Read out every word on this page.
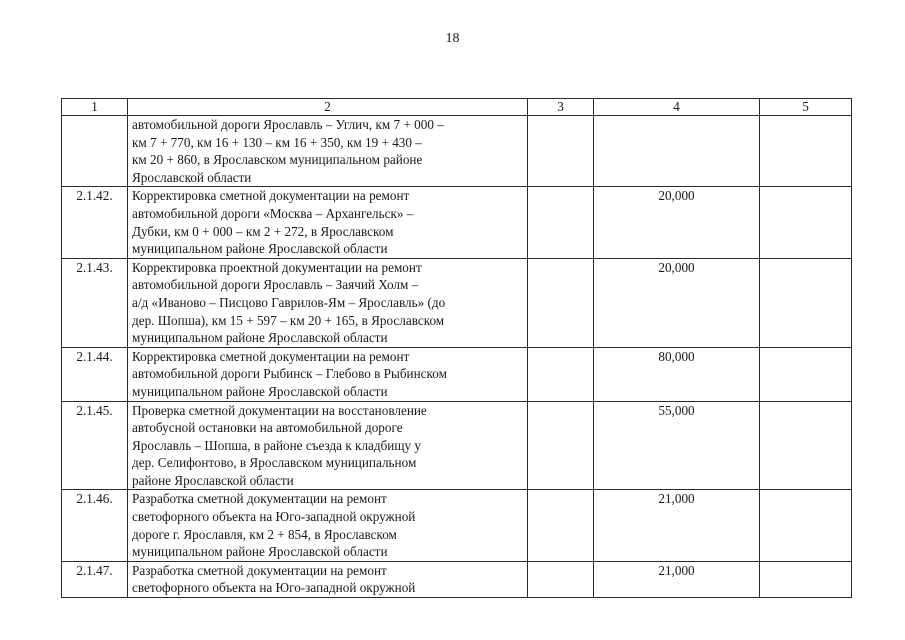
18
1	2	3	4	5

	автомобильной дороги Ярославль – Углич, км 7 + 000 –
км 7 + 770, км 16 + 130 – км 16 + 350, км 19 + 430 –
км 20 + 860, в Ярославском муниципальном районе
Ярославской области			

2.1.42.	Корректировка сметной документации на ремонт
автомобильной дороги «Москва – Архангельск» –
Дубки, км 0 + 000 – км 2 + 272, в Ярославском
муниципальном районе Ярославской области		20,000	
2.1.43.	Корректировка проектной документации на ремонт
автомобильной дороги Ярославль – Заячий Холм –
а/д «Иваново – Писцово Гаврилов-Ям – Ярославль» (до
дер. Шопша), км 15 + 597 – км 20 + 165, в Ярославском
муниципальном районе Ярославской области		20,000	
2.1.44.	Корректировка сметной документации на ремонт
автомобильной дороги Рыбинск – Глебово в Рыбинском
муниципальном районе Ярославской области		80,000	
2.1.45.	Проверка сметной документации на восстановление
автобусной остановки на автомобильной дороге
Ярославль – Шопша, в районе съезда к кладбищу у
дер. Селифонтово, в Ярославском муниципальном
районе Ярославской области		55,000	
2.1.46.	Разработка сметной документации на ремонт
светофорного объекта на Юго-западной окружной
дороге г. Ярославля, км 2 + 854, в Ярославском
муниципальном районе Ярославской области		21,000	
2.1.47.	Разработка сметной документации на ремонт
светофорного объекта на Юго-западной окружной		21,000	
